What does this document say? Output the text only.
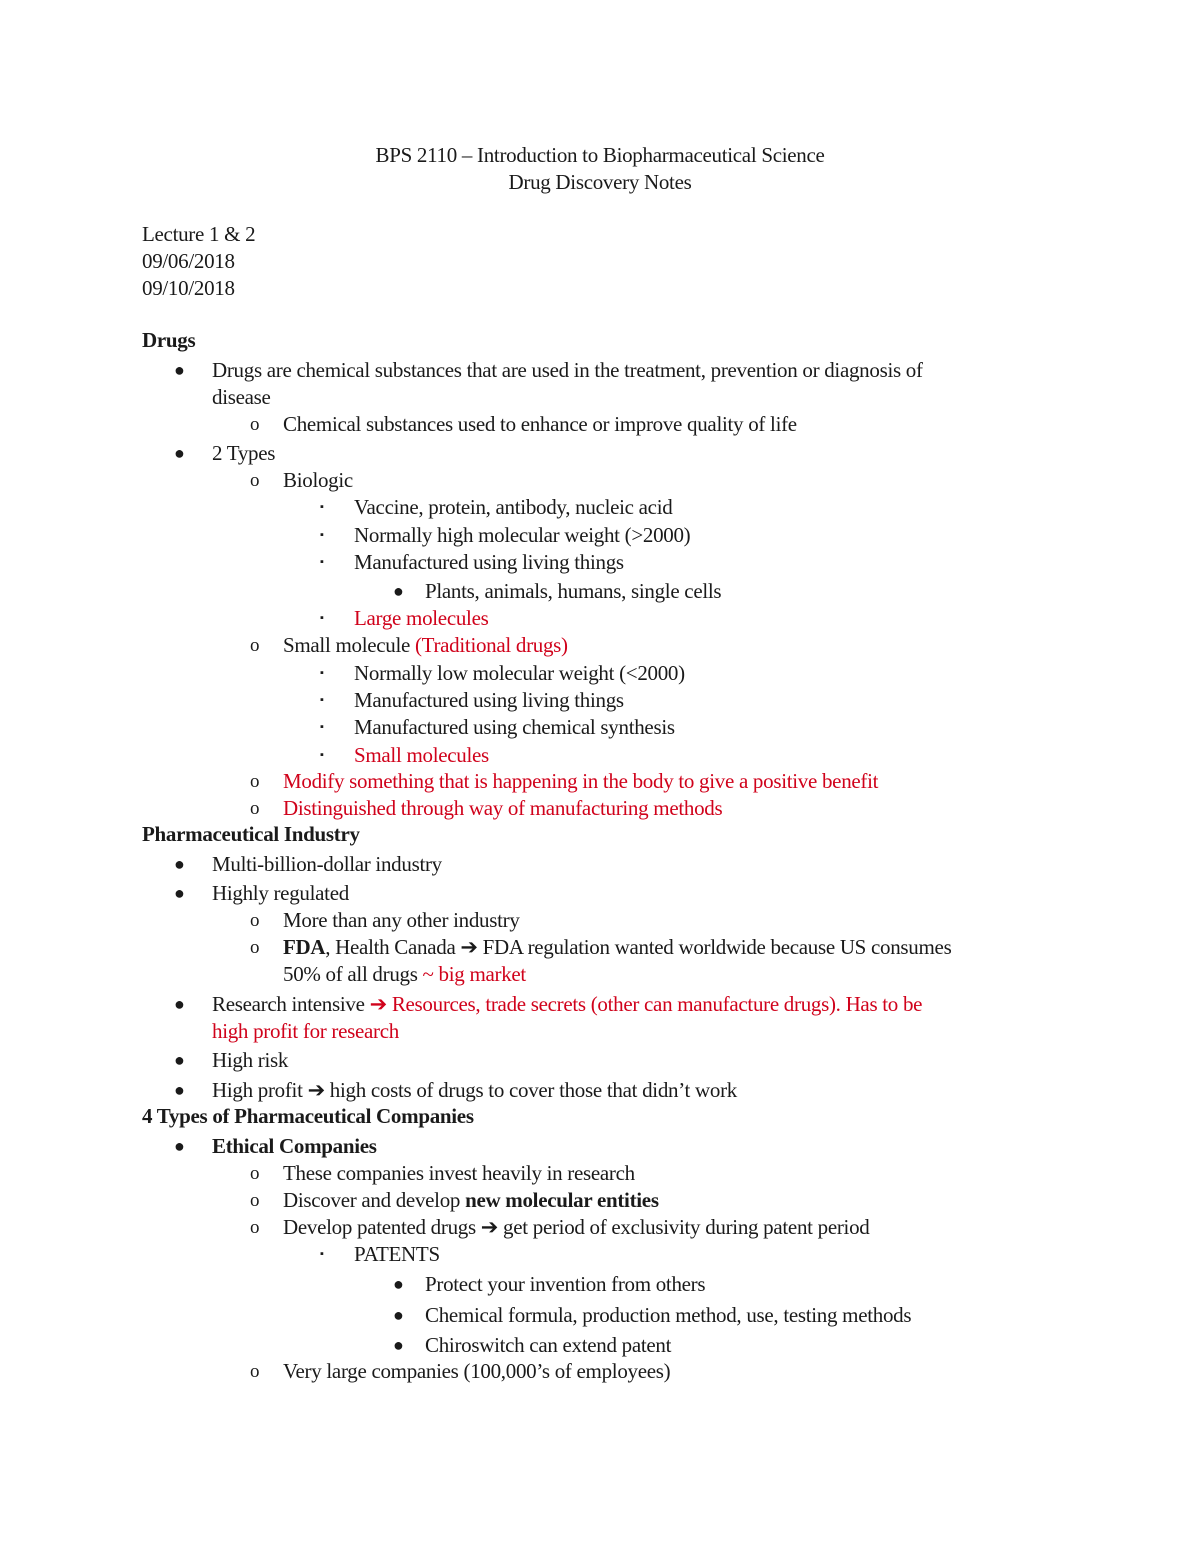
BPS 2110 – Introduction to Biopharmaceutical Science
Drug Discovery Notes
Lecture 1 & 2
09/06/2018
09/10/2018
Drugs
● Drugs are chemical substances that are used in the treatment, prevention or diagnosis of
disease
o Chemical substances used to enhance or improve quality of life
● 2 Types
o Biologic
▪ Vaccine, protein, antibody, nucleic acid
▪ Normally high molecular weight (>2000)
▪ Manufactured using living things
● Plants, animals, humans, single cells
▪ Large molecules
o Small molecule (Traditional drugs)
▪ Normally low molecular weight (<2000)
▪ Manufactured using living things
▪ Manufactured using chemical synthesis
▪ Small molecules
o Modify something that is happening in the body to give a positive benefit
o Distinguished through way of manufacturing methods
Pharmaceutical Industry
● Multi-billion-dollar industry
● Highly regulated
o More than any other industry
o FDA, Health Canada ➔ FDA regulation wanted worldwide because US consumes
50% of all drugs ~ big market
● Research intensive ➔ Resources, trade secrets (other can manufacture drugs). Has to be
high profit for research
● High risk
● High profit ➔ high costs of drugs to cover those that didn’t work
4 Types of Pharmaceutical Companies
● Ethical Companies
o These companies invest heavily in research
o Discover and develop new molecular entities
o Develop patented drugs ➔ get period of exclusivity during patent period
▪ PATENTS
● Protect your invention from others
● Chemical formula, production method, use, testing methods
● Chiroswitch can extend patent
o Very large companies (100,000’s of employees)
